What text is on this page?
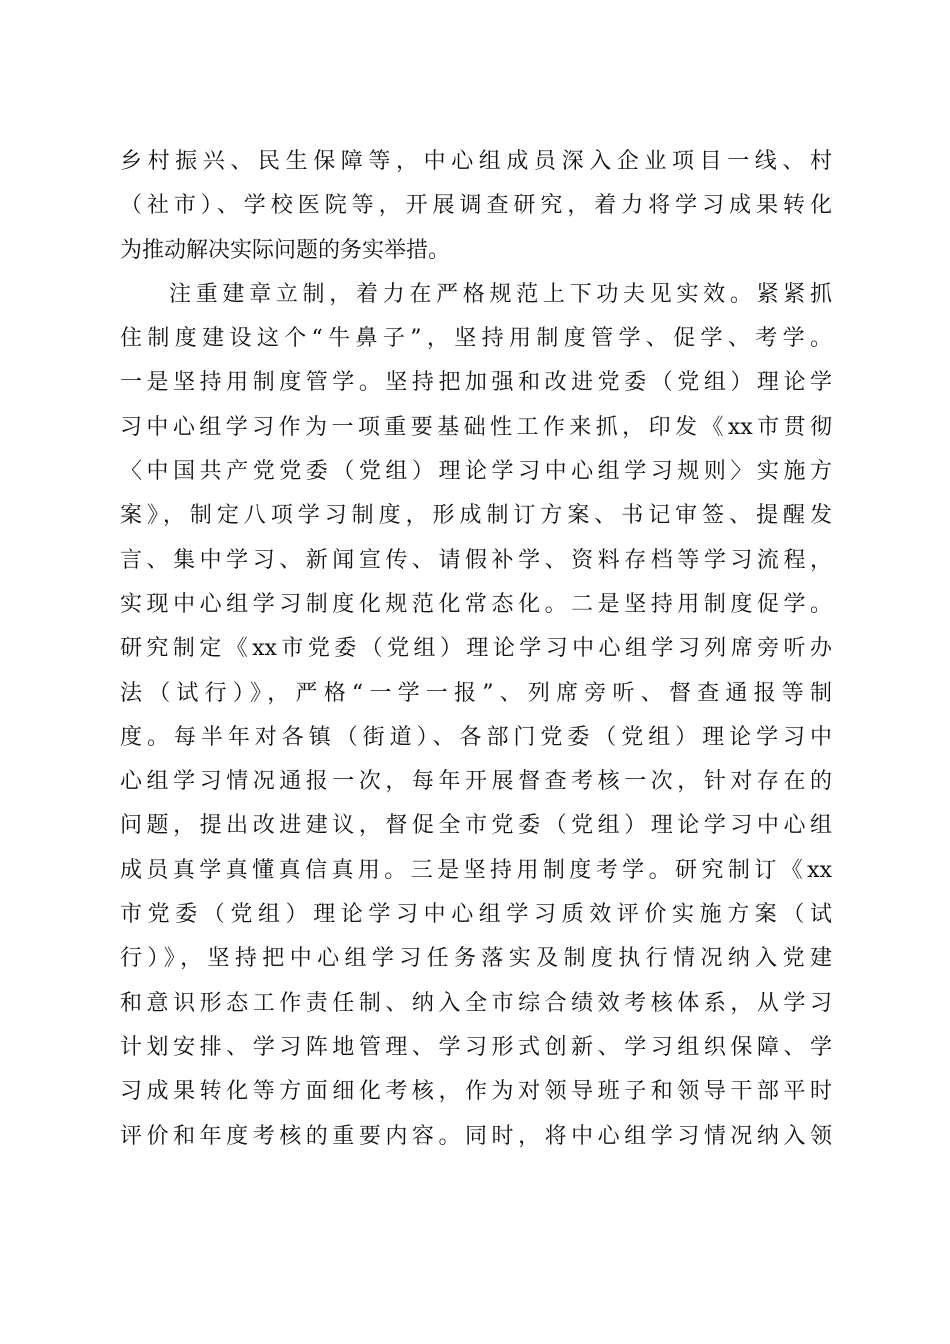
乡村振兴、民生保障等，中心组成员深入企业项目一线、村
（社市）、学校医院等，开展调查研究，着力将学习成果转化
为推动解决实际问题的务实举措。
注重建章立制，着力在严格规范上下功夫见实效。紧紧抓
住制度建设这个“牛鼻子”，坚持用制度管学、促学、考学。
一是坚持用制度管学。坚持把加强和改进党委（党组）理论学
习中心组学习作为一项重要基础性工作来抓，印发《xx市贯彻
〈中国共产党党委（党组）理论学习中心组学习规则〉实施方
案》，制定八项学习制度，形成制订方案、书记审签、提醒发
言、集中学习、新闻宣传、请假补学、资料存档等学习流程，
实现中心组学习制度化规范化常态化。二是坚持用制度促学。
研究制定《xx市党委（党组）理论学习中心组学习列席旁听办
法（试行）》，严格“一学一报”、列席旁听、督查通报等制
度。每半年对各镇（街道）、各部门党委（党组）理论学习中
心组学习情况通报一次，每年开展督查考核一次，针对存在的
问题，提出改进建议，督促全市党委（党组）理论学习中心组
成员真学真懂真信真用。三是坚持用制度考学。研究制订《xx
市党委（党组）理论学习中心组学习质效评价实施方案（试
行）》，坚持把中心组学习任务落实及制度执行情况纳入党建
和意识形态工作责任制、纳入全市综合绩效考核体系，从学习
计划安排、学习阵地管理、学习形式创新、学习组织保障、学
习成果转化等方面细化考核，作为对领导班子和领导干部平时
评价和年度考核的重要内容。同时，将中心组学习情况纳入领
